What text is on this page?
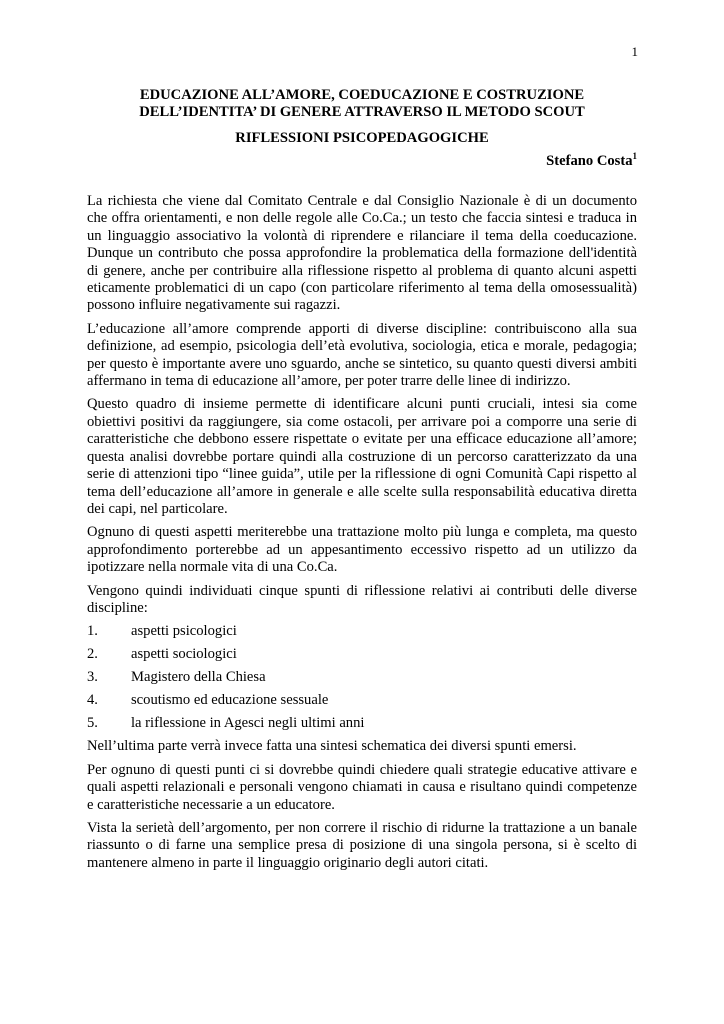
1

EDUCAZIONE ALL’AMORE, COEDUCAZIONE E COSTRUZIONE
DELL’IDENTITA’ DI GENERE ATTRAVERSO IL METODO SCOUT

RIFLESSIONI PSICOPEDAGOGICHE

Stefano Costa$^1$

La richiesta che viene dal Comitato Centrale e dal Consiglio Nazionale è di un documento che offra orientamenti, e non delle regole alle Co.Ca.; un testo che faccia sintesi e traduca in un linguaggio associativo la volontà di riprendere e rilanciare il tema della coeducazione. Dunque un contributo che possa approfondire la problematica della formazione dell'identità di genere, anche per contribuire alla riflessione rispetto al problema di quanto alcuni aspetti eticamente problematici di un capo (con particolare riferimento al tema della omosessualità) possono influire negativamente sui ragazzi.

L’educazione all’amore comprende apporti di diverse discipline: contribuiscono alla sua definizione, ad esempio, psicologia dell’età evolutiva, sociologia, etica e morale, pedagogia; per questo è importante avere uno sguardo, anche se sintetico, su quanto questi diversi ambiti affermano in tema di educazione all’amore, per poter trarre delle linee di indirizzo.

Questo quadro di insieme permette di identificare alcuni punti cruciali, intesi sia come obiettivi positivi da raggiungere, sia come ostacoli, per arrivare poi a comporre una serie di caratteristiche che debbono essere rispettate o evitate per una efficace educazione all’amore; questa analisi dovrebbe portare quindi alla costruzione di un percorso caratterizzato da una serie di attenzioni tipo “linee guida”, utile per la riflessione di ogni Comunità Capi rispetto al tema dell’educazione all’amore in generale e alle scelte sulla responsabilità educativa diretta dei capi, nel particolare.

Ognuno di questi aspetti meriterebbe una trattazione molto più lunga e completa, ma questo approfondimento porterebbe ad un appesantimento eccessivo rispetto ad un utilizzo da ipotizzare nella normale vita di una Co.Ca.

Vengono quindi individuati cinque spunti di riflessione relativi ai contributi delle diverse discipline:

1.	aspetti psicologici
2.	aspetti sociologici
3.	Magistero della Chiesa
4.	scoutismo ed educazione sessuale
5.	la riflessione in Agesci negli ultimi anni

Nell’ultima parte verrà invece fatta una sintesi schematica dei diversi spunti emersi.

Per ognuno di questi punti ci si dovrebbe quindi chiedere quali strategie educative attivare e quali aspetti relazionali e personali vengono chiamati in causa e risultano quindi competenze e caratteristiche necessarie a un educatore.

Vista la serietà dell’argomento, per non correre il rischio di ridurne la trattazione a un banale riassunto o di farne una semplice presa di posizione di una singola persona, si è scelto di mantenere almeno in parte il linguaggio originario degli autori citati.
